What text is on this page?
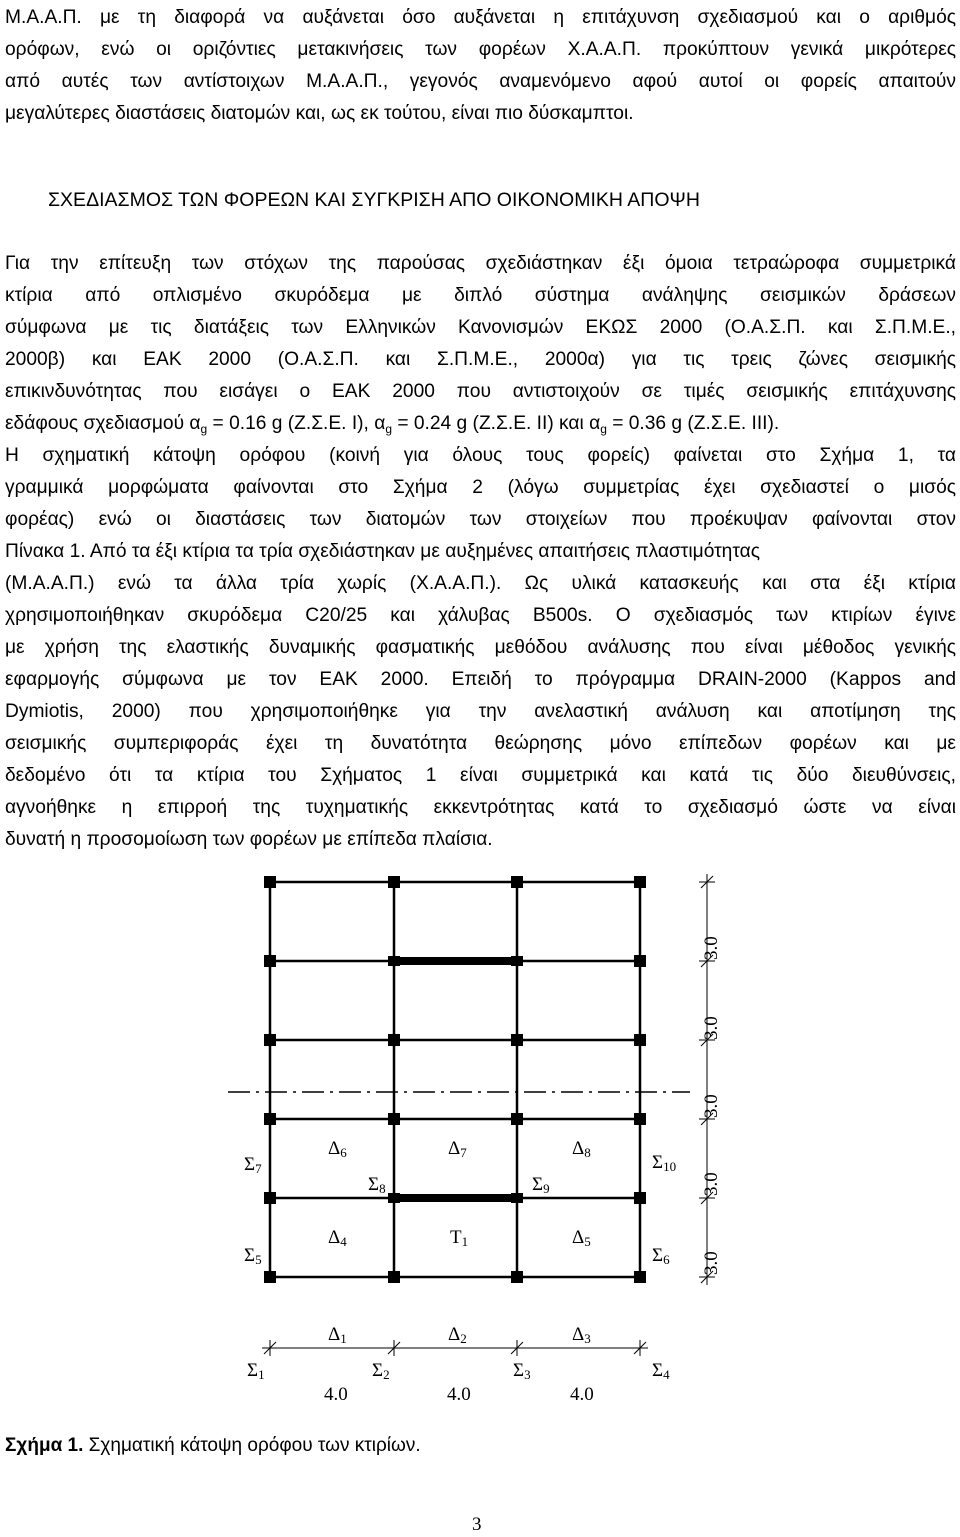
Μ.Α.Α.Π. με τη διαφορά να αυξάνεται όσο αυξάνεται η επιτάχυνση σχεδιασμού και ο αριθμός
ορόφων, ενώ οι οριζόντιες μετακινήσεις των φορέων Χ.Α.Α.Π. προκύπτουν γενικά μικρότερες
από αυτές των αντίστοιχων Μ.Α.Α.Π., γεγονός αναμενόμενο αφού αυτοί οι φορείς απαιτούν
μεγαλύτερες διαστάσεις διατομών και, ως εκ τούτου, είναι πιο δύσκαμπτοι.
ΣΧΕΔΙΑΣΜΟΣ ΤΩΝ ΦΟΡΕΩΝ ΚΑΙ ΣΥΓΚΡΙΣΗ ΑΠΟ ΟΙΚΟΝΟΜΙΚΗ ΑΠΟΨΗ
Για την επίτευξη των στόχων της παρούσας σχεδιάστηκαν έξι όμοια τετραώροφα συμμετρικά
κτίρια από οπλισμένο σκυρόδεμα με διπλό σύστημα ανάληψης σεισμικών δράσεων
σύμφωνα με τις διατάξεις των Ελληνικών Κανονισμών ΕΚΩΣ 2000 (Ο.Α.Σ.Π. και Σ.Π.Μ.Ε.,
2000β) και ΕΑΚ 2000 (Ο.Α.Σ.Π. και Σ.Π.Μ.Ε., 2000α) για τις τρεις ζώνες σεισμικής
επικινδυνότητας που εισάγει ο ΕΑΚ 2000 που αντιστοιχούν σε τιμές σεισμικής επιτάχυνσης
εδάφους σχεδιασμού $\alpha_g = 0.16$ g (Ζ.Σ.Ε. Ι), $\alpha_g = 0.24$ g (Ζ.Σ.Ε. ΙΙ) και $\alpha_g = 0.36$ g (Ζ.Σ.Ε. ΙΙΙ).
Η σχηματική κάτοψη ορόφου (κοινή για όλους τους φορείς) φαίνεται στο Σχήμα 1, τα
γραμμικά μορφώματα φαίνονται στο Σχήμα 2 (λόγω συμμετρίας έχει σχεδιαστεί ο μισός
φορέας) ενώ οι διαστάσεις των διατομών των στοιχείων που προέκυψαν φαίνονται στον
Πίνακα 1. Από τα έξι κτίρια τα τρία σχεδιάστηκαν με αυξημένες απαιτήσεις πλαστιμότητας
(Μ.Α.Α.Π.) ενώ τα άλλα τρία χωρίς (Χ.Α.Α.Π.). Ως υλικά κατασκευής και στα έξι κτίρια
χρησιμοποιήθηκαν σκυρόδεμα C20/25 και χάλυβας B500s. Ο σχεδιασμός των κτιρίων έγινε
με χρήση της ελαστικής δυναμικής φασματικής μεθόδου ανάλυσης που είναι μέθοδος γενικής
εφαρμογής σύμφωνα με τον ΕΑΚ 2000. Επειδή το πρόγραμμα DRAIN-2000 (Kappos and
Dymiotis, 2000) που χρησιμοποιήθηκε για την ανελαστική ανάλυση και αποτίμηση της
σεισμικής συμπεριφοράς έχει τη δυνατότητα θεώρησης μόνο επίπεδων φορέων και με
δεδομένο ότι τα κτίρια του Σχήματος 1 είναι συμμετρικά και κατά τις δύο διευθύνσεις,
αγνοήθηκε η επιρροή της τυχηματικής εκκεντρότητας κατά το σχεδιασμό ώστε να είναι
δυνατή η προσομοίωση των φορέων με επίπεδα πλαίσια.
4.0	4.0	4.0
3.0
3.0
3.0
3.0
3.0
Σ1	Σ2	Σ3	Σ4
Σ5	Σ6
Σ7
Σ8	Σ9
Σ10
Δ1	Δ2	Δ3
Δ4	Δ5
Δ6	Δ7	Δ8
Τ1
Σχήμα 1. Σχηματική κάτοψη ορόφου των κτιρίων.
3
